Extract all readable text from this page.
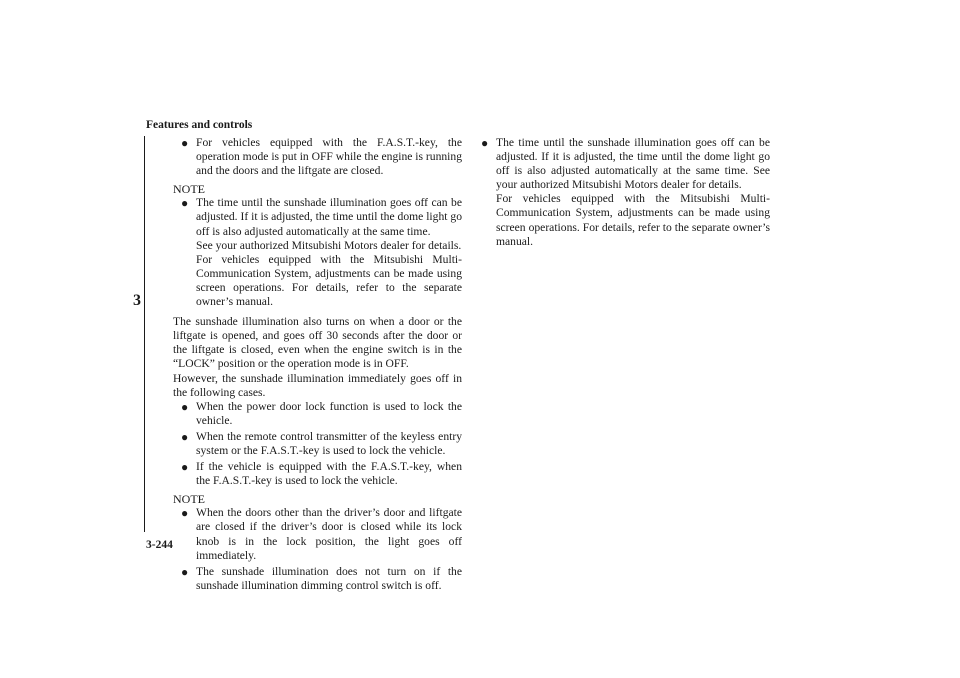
Features and controls
3
● For vehicles equipped with the F.A.S.T.-key, the operation mode is put in OFF while the engine is running and the doors and the liftgate are closed.

NOTE
● The time until the sunshade illumination goes off can be adjusted. If it is adjusted, the time until the dome light go off is also adjusted automatically at the same time.

See your authorized Mitsubishi Motors dealer for details.

For vehicles equipped with the Mitsubishi Multi-Communication System, adjustments can be made using screen operations. For details, refer to the separate owner’s manual.

The sunshade illumination also turns on when a door or the liftgate is opened, and goes off 30 seconds after the door or the liftgate is closed, even when the engine switch is in the “LOCK” position or the operation mode is in OFF.

However, the sunshade illumination immediately goes off in the following cases.

● When the power door lock function is used to lock the vehicle.

● When the remote control transmitter of the keyless entry system or the F.A.S.T.-key is used to lock the vehicle.

● If the vehicle is equipped with the F.A.S.T.-key, when the F.A.S.T.-key is used to lock the vehicle.

NOTE
● When the doors other than the driver’s door and liftgate are closed if the driver’s door is closed while its lock knob is in the lock position, the light goes off immediately.

● The sunshade illumination does not turn on if the sunshade illumination dimming control switch is off.

● The time until the sunshade illumination goes off can be adjusted. If it is adjusted, the time until the dome light go off is also adjusted automatically at the same time. See your authorized Mitsubishi Motors dealer for details.

For vehicles equipped with the Mitsubishi Multi-Communication System, adjustments can be made using screen operations. For details, refer to the separate owner’s manual.

3-244
